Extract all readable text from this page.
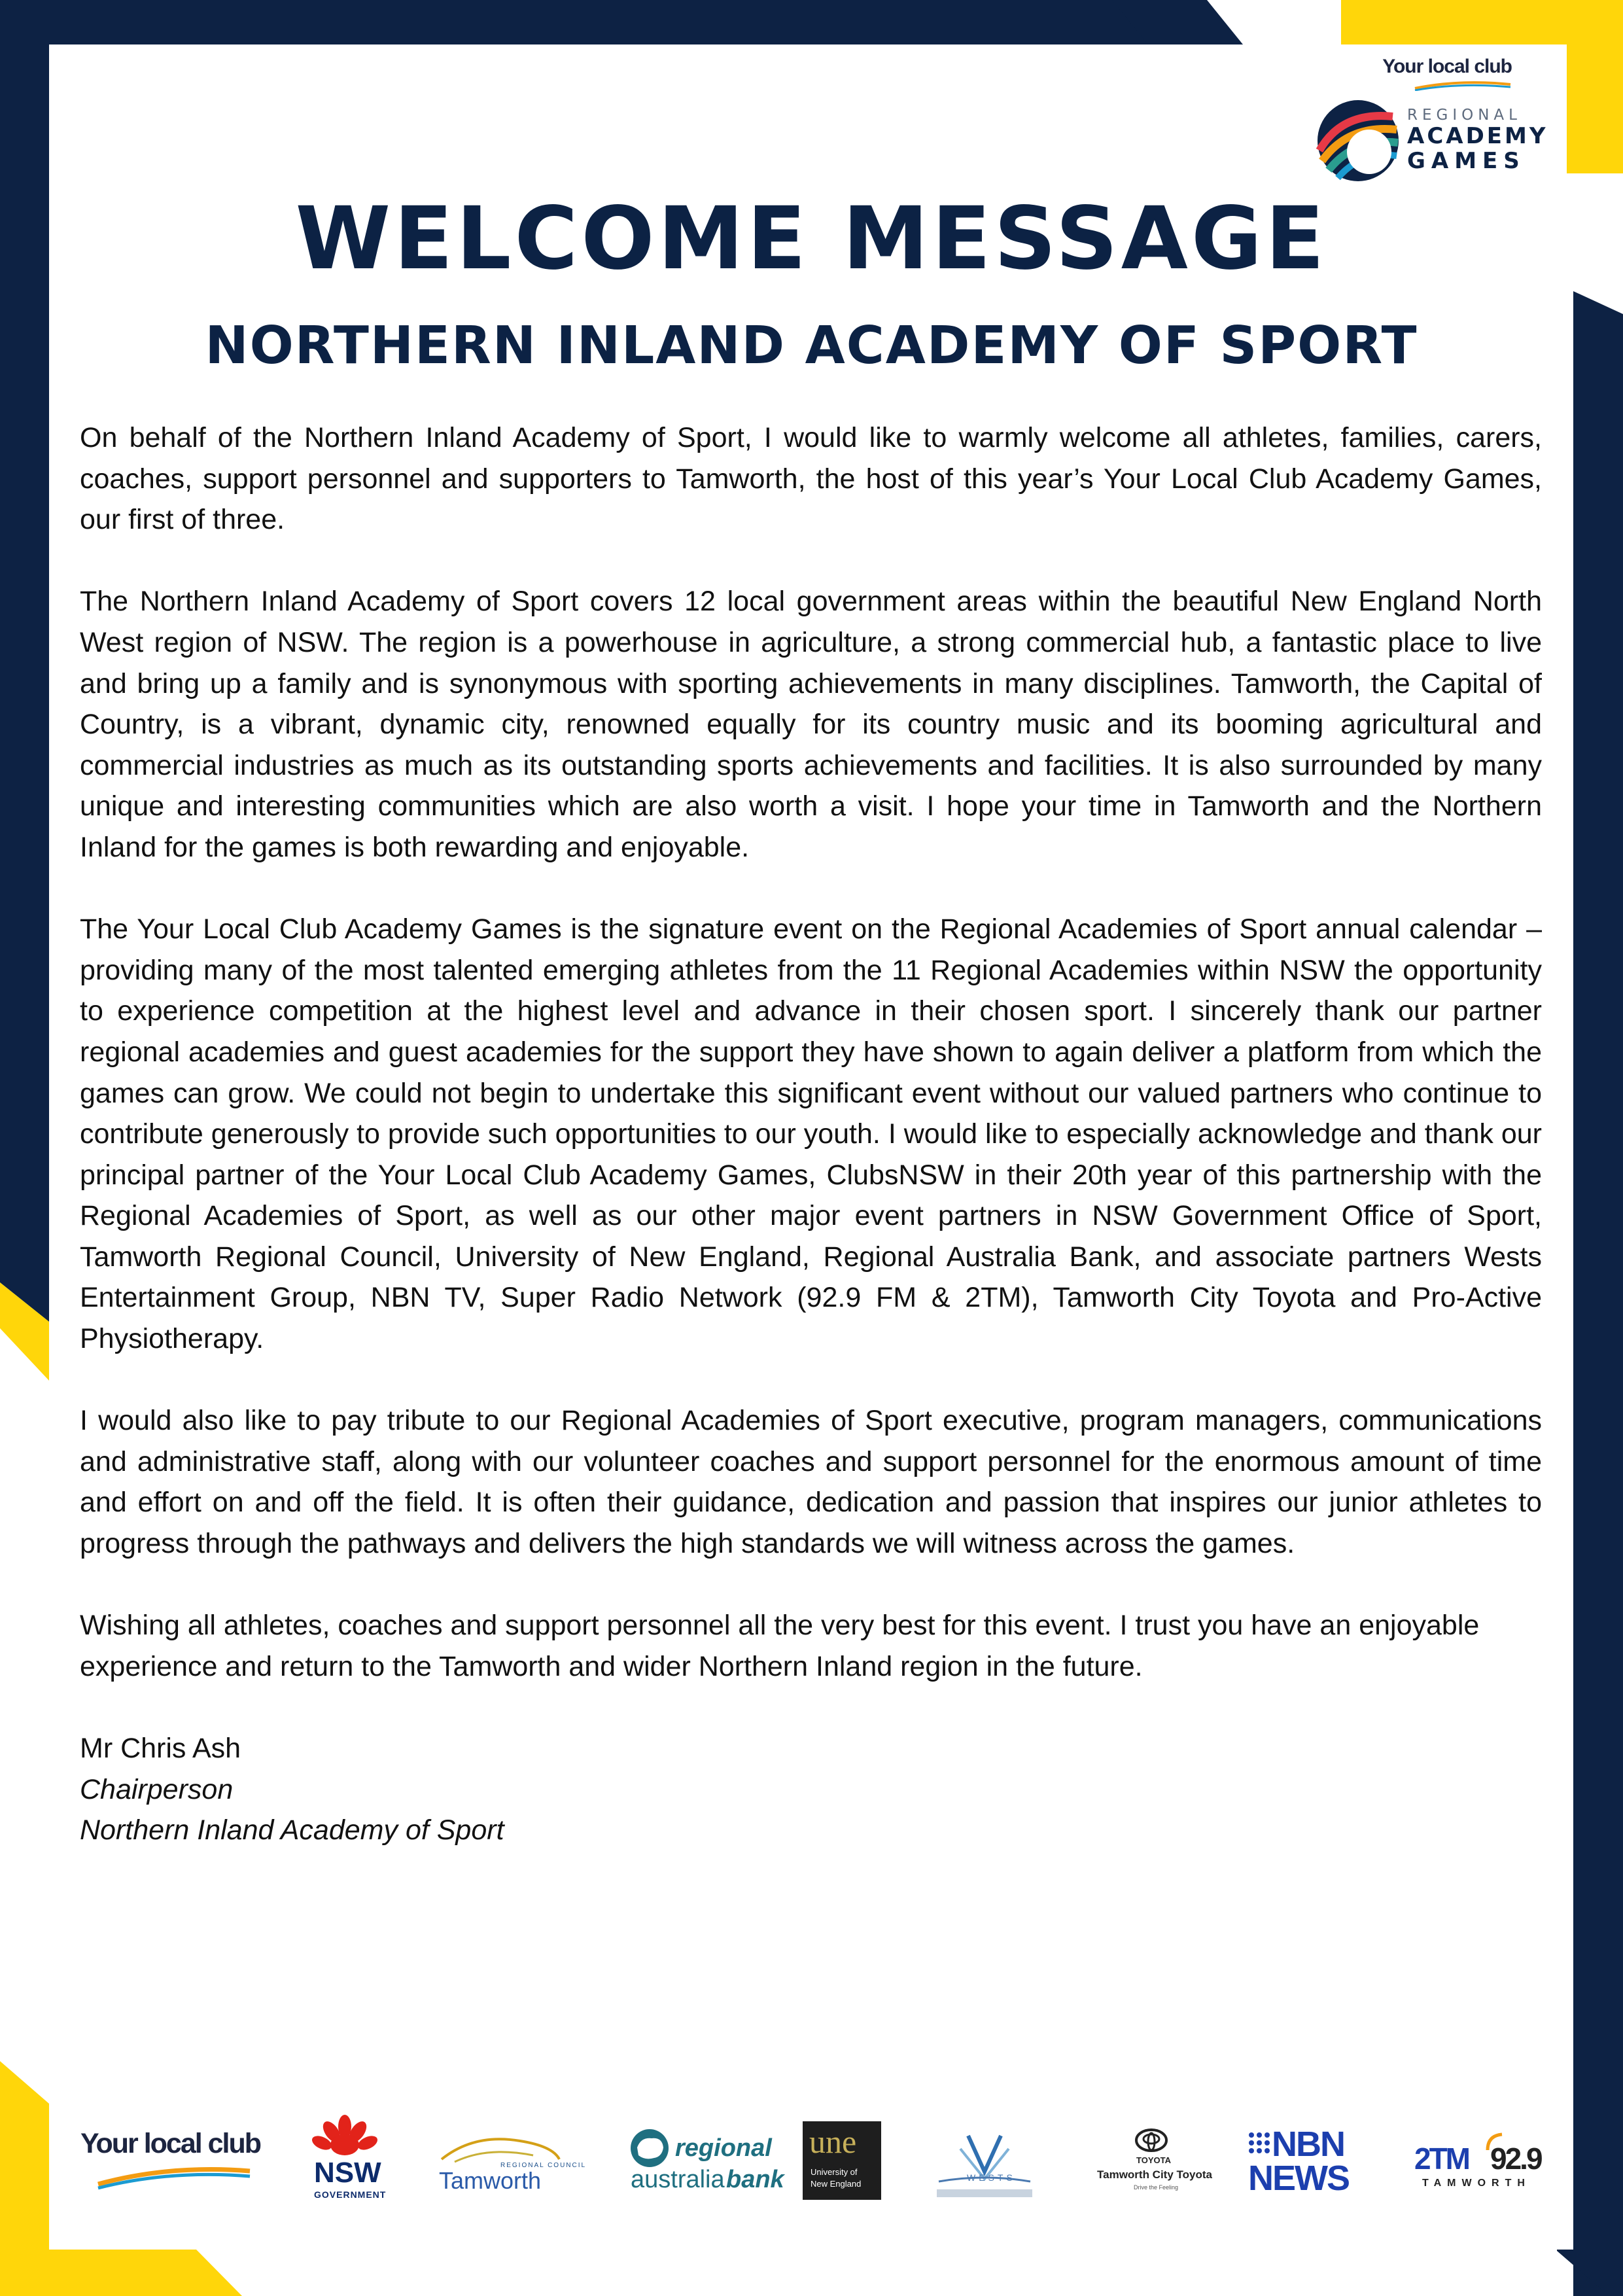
Your local club
REGIONAL
ACADEMY
GAMES
WELCOME MESSAGE
NORTHERN INLAND ACADEMY OF SPORT

On behalf of the Northern Inland Academy of Sport, I would like to warmly welcome all athletes, families, carers, coaches, support personnel and supporters to Tamworth, the host of this year’s Your Local Club Academy Games, our first of three.

The Northern Inland Academy of Sport covers 12 local government areas within the beautiful New England North West region of NSW. The region is a powerhouse in agriculture, a strong commercial hub, a fantastic place to live and bring up a family and is synonymous with sporting achievements in many disciplines. Tamworth, the Capital of Country, is a vibrant, dynamic city, renowned equally for its country music and its booming agricultural and commercial industries as much as its outstanding sports achievements and facilities. It is also surrounded by many unique and interesting communities which are also worth a visit. I hope your time in Tamworth and the Northern Inland for the games is both rewarding and enjoyable.

The Your Local Club Academy Games is the signature event on the Regional Academies of Sport annual calendar – providing many of the most talented emerging athletes from the 11 Regional Academies within NSW the opportunity to experience competition at the highest level and advance in their chosen sport. I sincerely thank our partner regional academies and guest academies for the support they have shown to again deliver a platform from which the games can grow. We could not begin to undertake this significant event without our valued partners who continue to contribute generously to provide such opportunities to our youth. I would like to especially acknowledge and thank our principal partner of the Your Local Club Academy Games, ClubsNSW in their 20th year of this partnership with the Regional Academies of Sport, as well as our other major event partners in NSW Government Office of Sport, Tamworth Regional Council, University of New England, Regional Australia Bank, and associate partners Wests Entertainment Group, NBN TV, Super Radio Network (92.9 FM & 2TM), Tamworth City Toyota and Pro-Active Physiotherapy.

I would also like to pay tribute to our Regional Academies of Sport executive, program managers, communications and administrative staff, along with our volunteer coaches and support personnel for the enormous amount of time and effort on and off the field. It is often their guidance, dedication and passion that inspires our junior athletes to progress through the pathways and delivers the high standards we will witness across the games.

Wishing all athletes, coaches and support personnel all the very best for this event. I trust you have an enjoyable experience and return to the Tamworth and wider Northern Inland region in the future.

Mr Chris Ash
Chairperson
Northern Inland Academy of Sport
Your local club
NSW
GOVERNMENT
REGIONAL COUNCIL
Tamworth
regional
australia bank
une
University of
New England
WESTS
TOYOTA
Tamworth City Toyota
Drive the Feeling
NBN
NEWS 2TM 92.9
TAMWORTH
